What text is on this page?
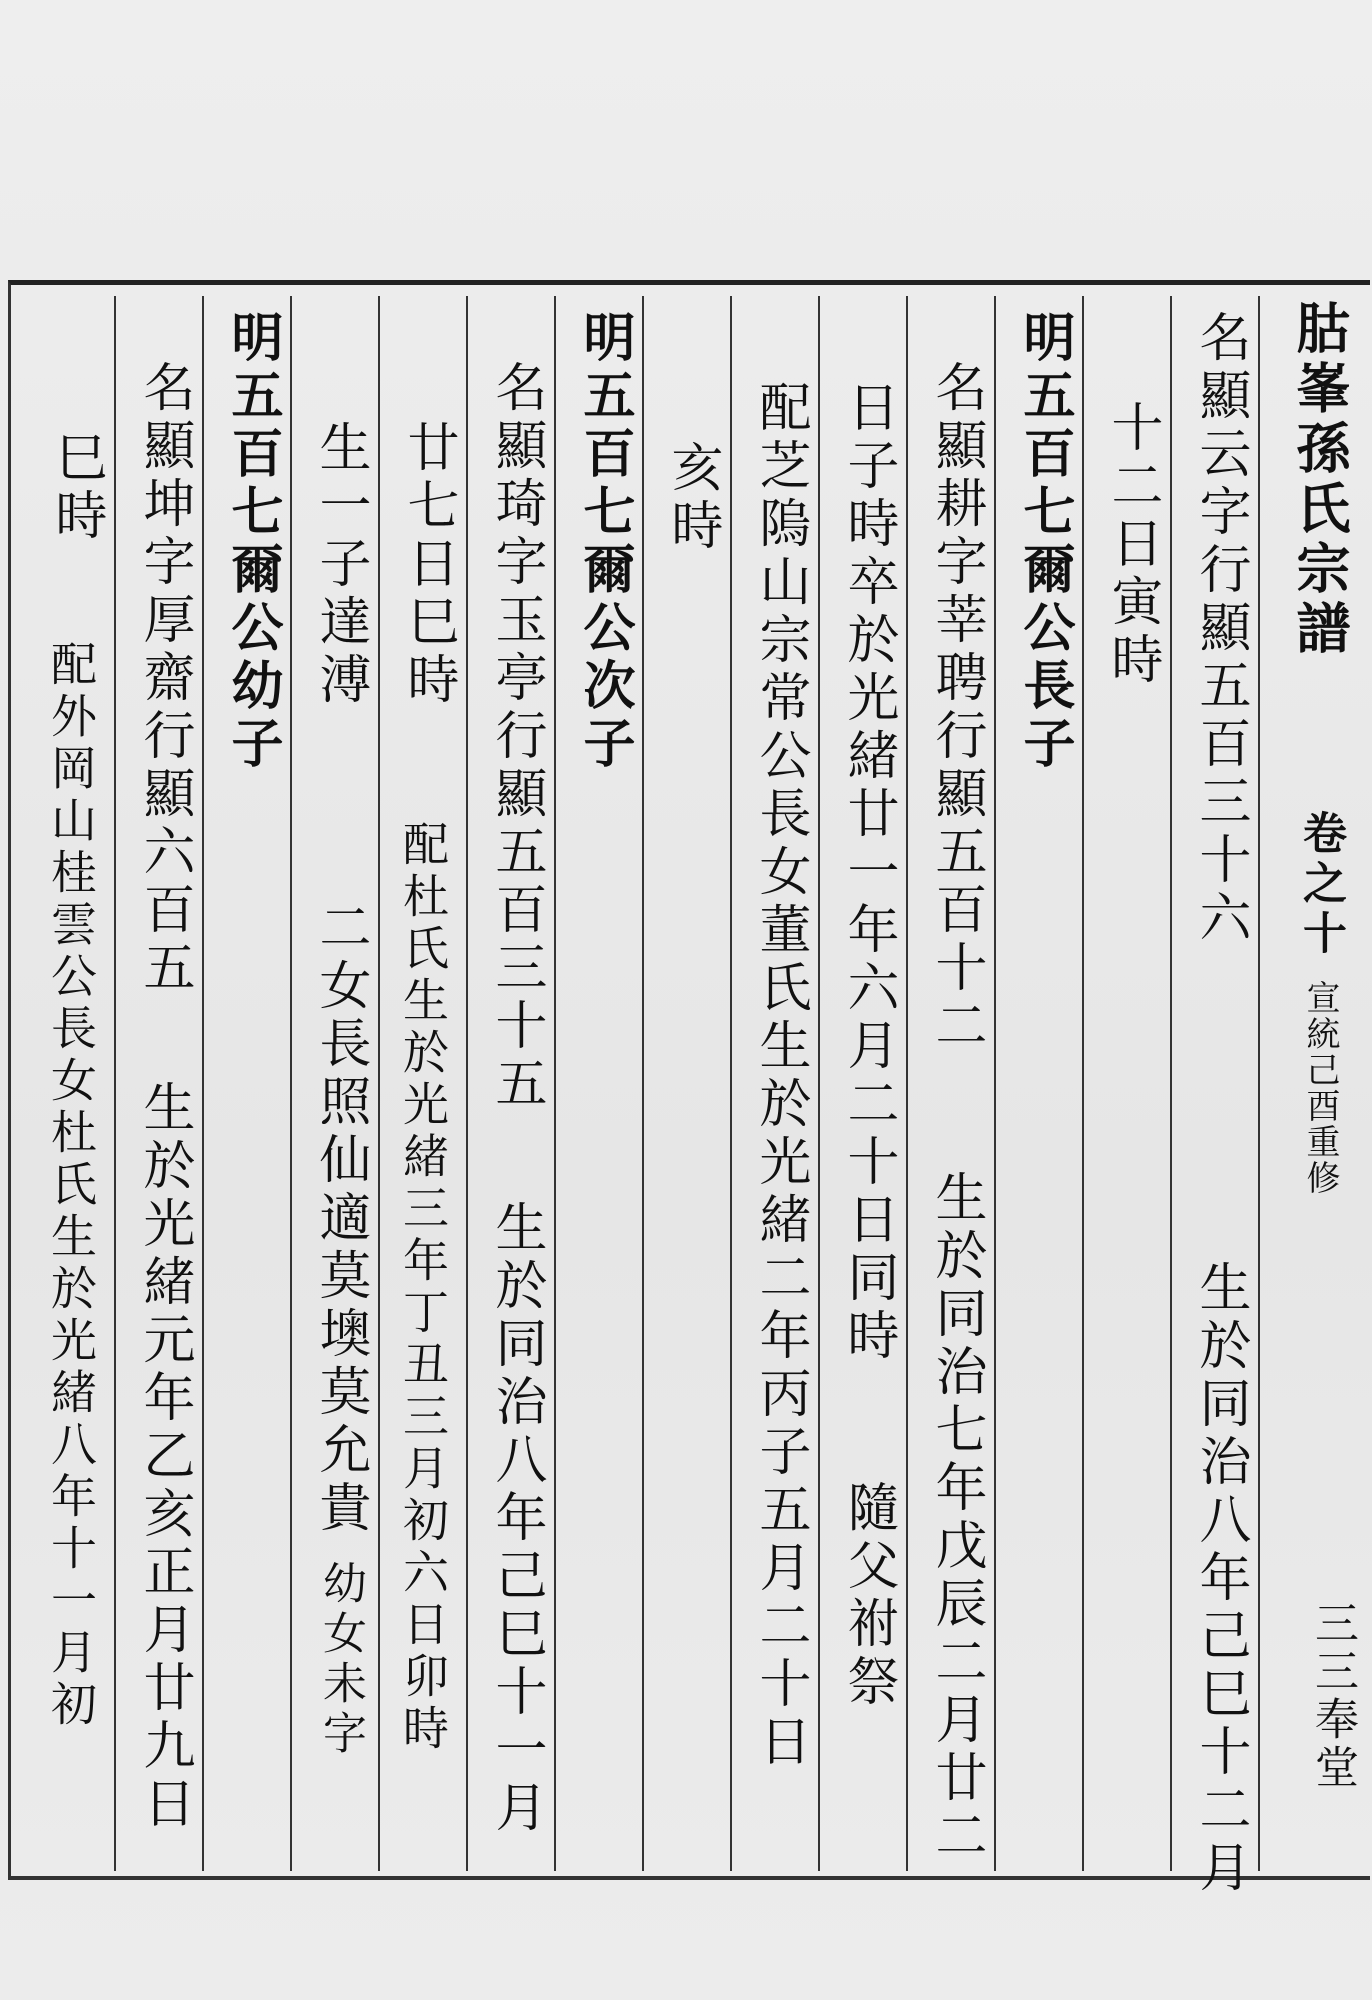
𦙶峯孫氏宗譜
卷之十
宣統己酉重修
三三奉堂
名顯云字行顯五百三十六
生於同治八年己巳十二月
十二日寅時
明五百七爾公長子
名顯耕字莘聘行顯五百十二
生於同治七年戊辰二月廿二
日子時卒於光緒廿一年六月二十日同時
隨父祔祭
配芝隖山宗常公長女董氏生於光緒二年丙子五月二十日
亥時
明五百七爾公次子
名顯琦字玉亭行顯五百三十五
生於同治八年己巳十一月
廿七日巳時
配杜氏生於光緒三年丁丑三月初六日卯時
生一子達溥
二女長照仙適莫墺莫允貴
幼女未字
明五百七爾公幼子
名顯坤字厚齋行顯六百五
生於光緒元年乙亥正月廿九日
巳時
配外岡山桂雲公長女杜氏生於光緒八年十一月初
